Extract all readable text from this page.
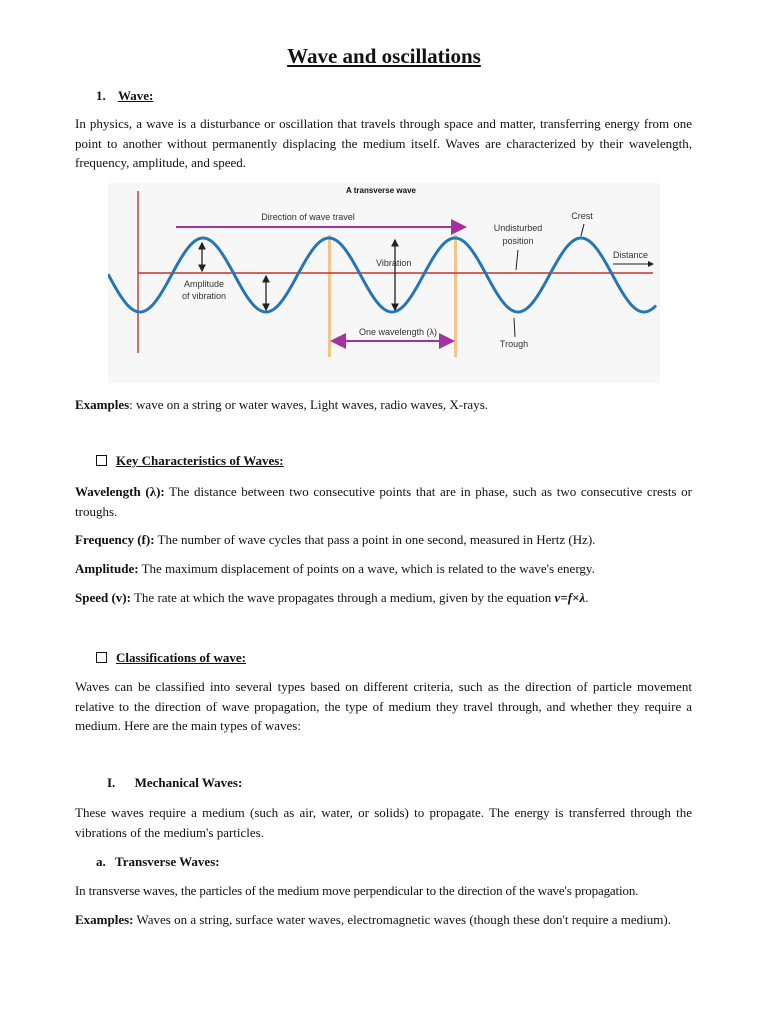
Wave and oscillations
1. Wave:

In physics, a wave is a disturbance or oscillation that travels through space and matter, transferring energy from one point to another without permanently displacing the medium itself. Waves are characterized by their wavelength, frequency, amplitude, and speed.

A transverse wave
Direction of wave travel
One wavelength (λ)
Amplitude
of vibration
Vibration
Crest
Undisturbed
position
Distance
Trough

Examples: wave on a string or water waves, Light waves, radio waves, X-rays.

Key Characteristics of Waves:

Wavelength (λ): The distance between two consecutive points that are in phase, such as two consecutive crests or troughs.

Frequency (f): The number of wave cycles that pass a point in one second, measured in Hertz (Hz).

Amplitude: The maximum displacement of points on a wave, which is related to the wave's energy.

Speed (v): The rate at which the wave propagates through a medium, given by the equation v=f×λ.

Classifications of wave:

Waves can be classified into several types based on different criteria, such as the direction of particle movement relative to the direction of wave propagation, the type of medium they travel through, and whether they require a medium. Here are the main types of waves:

I. Mechanical Waves:

These waves require a medium (such as air, water, or solids) to propagate. The energy is transferred through the vibrations of the medium's particles.

a. Transverse Waves:

In transverse waves, the particles of the medium move perpendicular to the direction of the wave's propagation.

Examples: Waves on a string, surface water waves, electromagnetic waves (though these don't require a medium).
